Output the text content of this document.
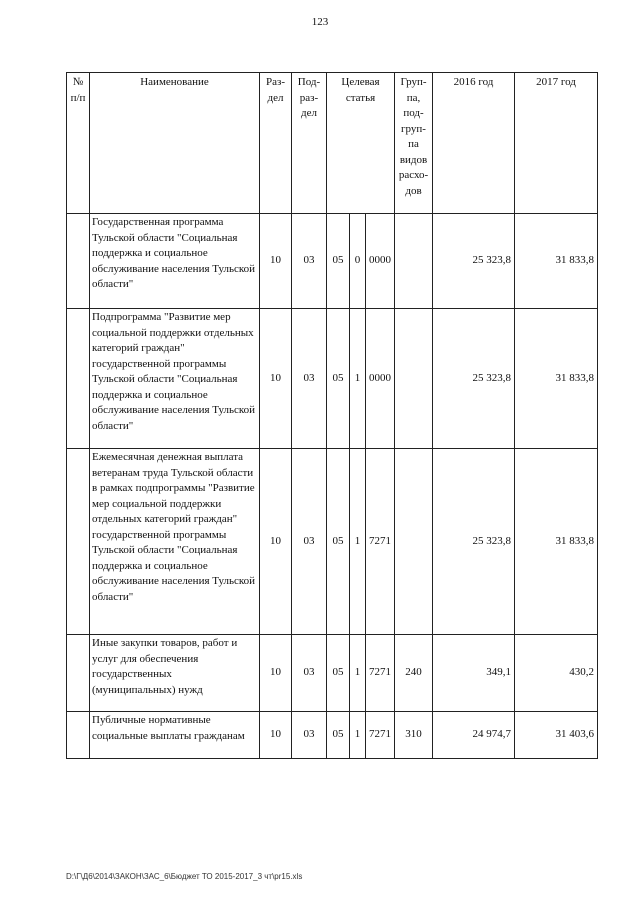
123
№ п/п	Наименование	Раз- дел	Под- раз- дел	Целевая статья			Груп- па, под- груп- па видов расхо- дов	2016 год	2017 год
	Государственная программа Тульской области "Социальная поддержка и социальное обслуживание населения Тульской области"	10	03	05	0	0000		25 323,8	31 833,8
	Подпрограмма "Развитие мер социальной поддержки отдельных категорий граждан" государственной программы Тульской области "Социальная поддержка и социальное обслуживание населения Тульской области"	10	03	05	1	0000		25 323,8	31 833,8
	Ежемесячная денежная выплата ветеранам труда Тульской области в рамках подпрограммы "Развитие мер социальной поддержки отдельных категорий граждан" государственной программы Тульской области "Социальная поддержка и социальное обслуживание населения Тульской области"	10	03	05	1	7271		25 323,8	31 833,8
	Иные закупки товаров, работ и услуг для обеспечения государственных (муниципальных) нужд	10	03	05	1	7271	240	349,1	430,2
	Публичные нормативные социальные выплаты гражданам	10	03	05	1	7271	310	24 974,7	31 403,6
D:\Г\Д6\2014\ЗАКОН\ЗАС_6\Бюджет ТО 2015-2017_3 чт\pr15.xls
